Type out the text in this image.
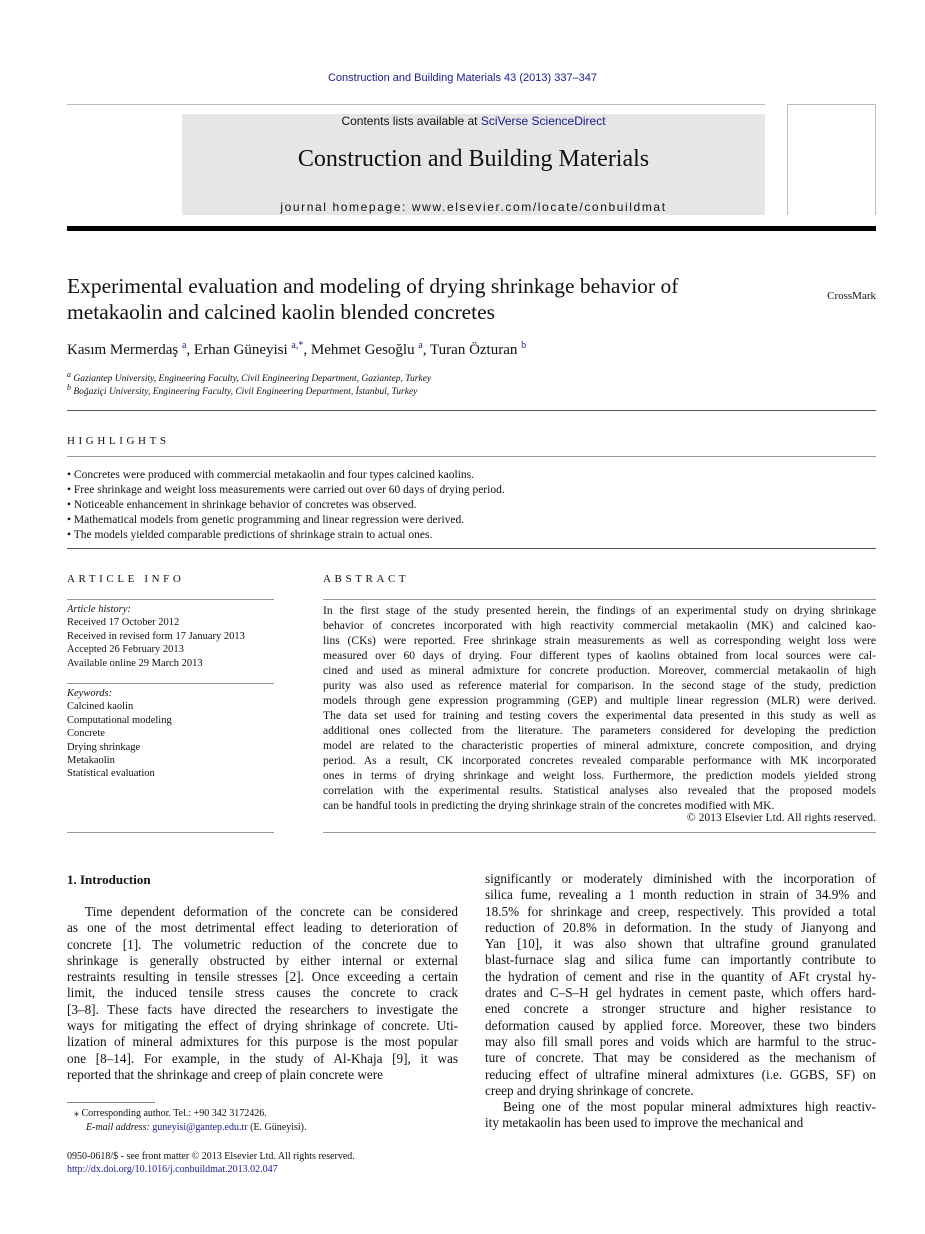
Construction and Building Materials 43 (2013) 337–347
Contents lists available at SciVerse ScienceDirect
Construction and Building Materials
journal homepage: www.elsevier.com/locate/conbuildmat
Experimental evaluation and modeling of drying shrinkage behavior of
metakaolin and calcined kaolin blended concretes
CrossMark
Kasım Mermerdaş $^a$, Erhan Güneyisi $^{a,*}$, Mehmet Gesoğlu $^a$, Turan Özturan $^b$
$^a$ Gaziantep University, Engineering Faculty, Civil Engineering Department, Gaziantep, Turkey
$^b$ Boğaziçi University, Engineering Faculty, Civil Engineering Department, İstanbul, Turkey
HIGHLIGHTS
• Concretes were produced with commercial metakaolin and four types calcined kaolins.
• Free shrinkage and weight loss measurements were carried out over 60 days of drying period.
• Noticeable enhancement in shrinkage behavior of concretes was observed.
• Mathematical models from genetic programming and linear regression were derived.
• The models yielded comparable predictions of shrinkage strain to actual ones.
ARTICLE INFO
Article history:
Received 17 October 2012
Received in revised form 17 January 2013
Accepted 26 February 2013
Available online 29 March 2013
Keywords:
Calcined kaolin
Computational modeling
Concrete
Drying shrinkage
Metakaolin
Statistical evaluation
ABSTRACT
In the first stage of the study presented herein, the findings of an experimental study on drying shrinkage
behavior of concretes incorporated with high reactivity commercial metakaolin (MK) and calcined kao-
lins (CKs) were reported. Free shrinkage strain measurements as well as corresponding weight loss were
measured over 60 days of drying. Four different types of kaolins obtained from local sources were cal-
cined and used as mineral admixture for concrete production. Moreover, commercial metakaolin of high
purity was also used as reference material for comparison. In the second stage of the study, prediction
models through gene expression programming (GEP) and multiple linear regression (MLR) were derived.
The data set used for training and testing covers the experimental data presented in this study as well as
additional ones collected from the literature. The parameters considered for developing the prediction
model are related to the characteristic properties of mineral admixture, concrete composition, and drying
period. As a result, CK incorporated concretes revealed comparable performance with MK incorporated
ones in terms of drying shrinkage and weight loss. Furthermore, the prediction models yielded strong
correlation with the experimental results. Statistical analyses also revealed that the proposed models
can be handful tools in predicting the drying shrinkage strain of the concretes modified with MK.
© 2013 Elsevier Ltd. All rights reserved.
1. Introduction
Time dependent deformation of the concrete can be considered
as one of the most detrimental effect leading to deterioration of
concrete [1]. The volumetric reduction of the concrete due to
shrinkage is generally obstructed by either internal or external
restraints resulting in tensile stresses [2]. Once exceeding a certain
limit, the induced tensile stress causes the concrete to crack
[3–8]. These facts have directed the researchers to investigate the
ways for mitigating the effect of drying shrinkage of concrete. Uti-
lization of mineral admixtures for this purpose is the most popular
one [8–14]. For example, in the study of Al-Khaja [9], it was
reported that the shrinkage and creep of plain concrete were
significantly or moderately diminished with the incorporation of
silica fume, revealing a 1 month reduction in strain of 34.9% and
18.5% for shrinkage and creep, respectively. This provided a total
reduction of 20.8% in deformation. In the study of Jianyong and
Yan [10], it was also shown that ultrafine ground granulated
blast-furnace slag and silica fume can importantly contribute to
the hydration of cement and rise in the quantity of AFt crystal hy-
drates and C–S–H gel hydrates in cement paste, which offers hard-
ened concrete a stronger structure and higher resistance to
deformation caused by applied force. Moreover, these two binders
may also fill small pores and voids which are harmful to the struc-
ture of concrete. That may be considered as the mechanism of
reducing effect of ultrafine mineral admixtures (i.e. GGBS, SF) on
creep and drying shrinkage of concrete.
Being one of the most popular mineral admixtures high reactiv-
ity metakaolin has been used to improve the mechanical and
⁎ Corresponding author. Tel.: +90 342 3172426.
E-mail address: guneyisi@gantep.edu.tr (E. Güneyisi).
0950-0618/$ - see front matter © 2013 Elsevier Ltd. All rights reserved.
http://dx.doi.org/10.1016/j.conbuildmat.2013.02.047
